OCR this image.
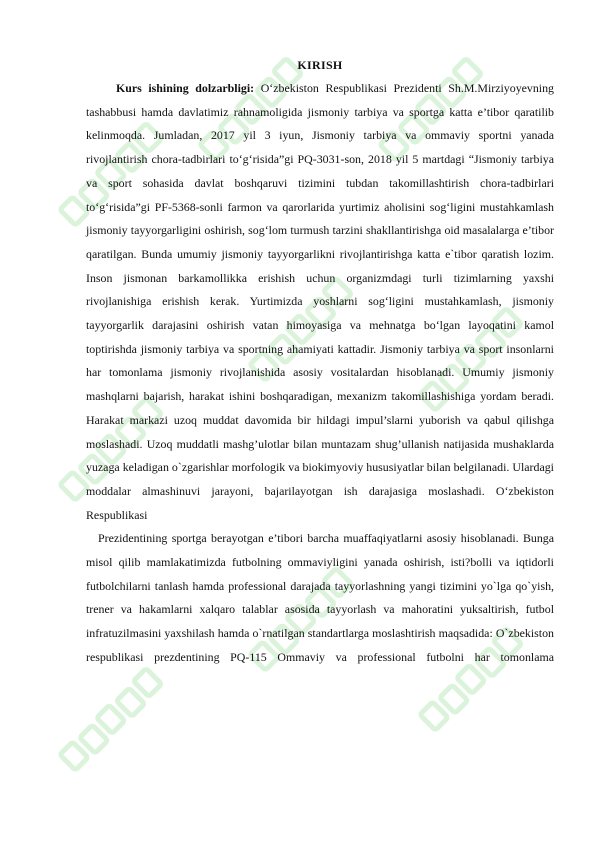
KIRISH

Kurs ishining dolzarbligi: O‘zbekiston Respublikasi Prezidenti Sh.M.Mirziyoyevning tashabbusi hamda davlatimiz rahnamoligida jismoniy tarbiya va sportga katta e’tibor qaratilib kelinmoqda. Jumladan, 2017 yil 3 iyun, Jismoniy tarbiya va ommaviy sportni yanada rivojlantirish chora-tadbirlari to‘g‘risida”gi PQ-3031-son, 2018 yil 5 martdagi “Jismoniy tarbiya va sport sohasida davlat boshqaruvi tizimini tubdan takomillashtirish chora-tadbirlari to‘g‘risida”gi PF-5368-sonli farmon va qarorlarida yurtimiz aholisini sog‘ligini mustahkamlash jismoniy tayyorgarligini oshirish, sog‘lom turmush tarzini shakllantirishga oid masalalarga e’tibor qaratilgan. Bunda umumiy jismoniy tayyorgarlikni rivojlantirishga katta e`tibor qaratish lozim. Inson jismonan barkamollikka erishish uchun organizmdagi turli tizimlarning yaxshi rivojlanishiga erishish kerak. Yurtimizda yoshlarni sog‘ligini mustahkamlash, jismoniy tayyorgarlik darajasini oshirish vatan himoyasiga va mehnatga bo‘lgan layoqatini kamol toptirishda jismoniy tarbiya va sportning ahamiyati kattadir. Jismoniy tarbiya va sport insonlarni har tomonlama jismoniy rivojlanishida asosiy vositalardan hisoblanadi. Umumiy jismoniy mashqlarni bajarish, harakat ishini boshqaradigan, mexanizm takomillashishiga yordam beradi. Harakat markazi uzoq muddat davomida bir hildagi impul’slarni yuborish va qabul qilishga moslashadi. Uzoq muddatli mashg’ulotlar bilan muntazam shug’ullanish natijasida mushaklarda yuzaga keladigan o`zgarishlar morfologik va biokimyoviy hususiyatlar bilan belgilanadi. Ulardagi moddalar almashinuvi jarayoni, bajarilayotgan ish darajasiga moslashadi. O‘zbekiston Respublikasi

Prezidentining sportga berayotgan e’tibori barcha muaffaqiyatlarni asosiy hisoblanadi. Bunga misol qilib mamlakatimizda futbolning ommaviyligini yanada oshirish, isti?bolli va iqtidorli futbolchilarni tanlash hamda professional darajada tayyorlashning yangi tizimini yo`lga qo`yish, trener va hakamlarni xalqaro talablar asosida tayyorlash va mahoratini yuksaltirish, futbol infratuzilmasini yaxshilash hamda o`rnatilgan standartlarga moslashtirish maqsadida: O`zbekiston respublikasi prezdentining PQ-115 Ommaviy va professional futbolni har tomonlama
